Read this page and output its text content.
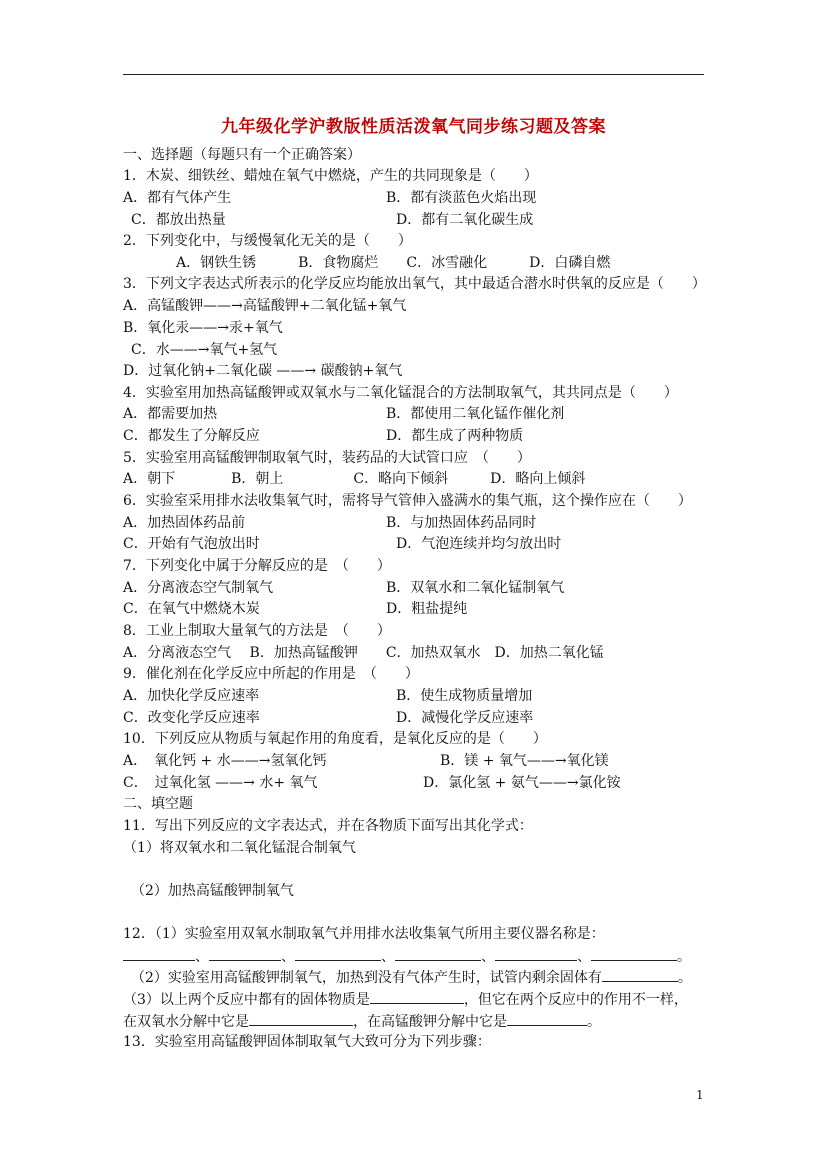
九年级化学沪教版性质活泼氧气同步练习题及答案
一、选择题（每题只有一个正确答案）
1．木炭、细铁丝、蜡烛在氧气中燃烧，产生的共同现象是（　　）
A．都有气体产生	B．都有淡蓝色火焰出现
C．都放出热量	D．都有二氧化碳生成
2．下列变化中，与缓慢氧化无关的是（　　）
A．钢铁生锈　　　B．食物腐烂　　C．冰雪融化　　　D．白磷自燃
3．下列文字表达式所表示的化学反应均能放出氧气，其中最适合潜水时供氧的反应是（　　）
A．高锰酸钾——→高锰酸钾+二氧化锰+氧气
B．氧化汞——→汞+氧气
C．水——→氧气+氢气
D．过氧化钠+二氧化碳 ——→ 碳酸钠+氧气
4．实验室用加热高锰酸钾或双氧水与二氧化锰混合的方法制取氧气，其共同点是（　　）
A．都需要加热	B．都使用二氧化锰作催化剂
C．都发生了分解反应	D．都生成了两种物质
5．实验室用高锰酸钾制取氧气时，装药品的大试管口应　（　　）
A．朝下　　　　B．朝上　　　　　C．略向下倾斜　　　D．略向上倾斜
6．实验室采用排水法收集氧气时，需将导气管伸入盛满水的集气瓶，这个操作应在（　　）
A．加热固体药品前	B．与加热固体药品同时
C．开始有气泡放出时	D．气泡连续并均匀放出时
7．下列变化中属于分解反应的是　（　　）
A．分离液态空气制氧气	B．双氧水和二氧化锰制氧气
C．在氧气中燃烧木炭	D．粗盐提纯
8．工业上制取大量氧气的方法是　（　　）
A．分离液态空气　 B．加热高锰酸钾　　C．加热双氧水　D．加热二氧化锰
9．催化剂在化学反应中所起的作用是　（　　）
A．加快化学反应速率	B．使生成物质量增加
C．改变化学反应速率	D．减慢化学反应速率
10．下列反应从物质与氧起作用的角度看，是氧化反应的是（　　）
A．　氧化钙 + 水——→氢氧化钙	B．镁 + 氧气——→氧化镁
C．　过氧化氢 ——→ 水+ 氧气	D．氯化氢 + 氨气——→氯化铵
二、填空题
11．写出下列反应的文字表达式，并在各物质下面写出其化学式：
（1）将双氧水和二氧化锰混合制氧气
（2）加热高锰酸钾制氧气
12．（1）实验室用双氧水制取氧气并用排水法收集氧气所用主要仪器名称是：
、	、	、	、	、	。
（2）实验室用高锰酸钾制氧气，加热到没有气体产生时，试管内剩余固体有	。
（3）以上两个反应中都有的固体物质是	，但它在两个反应中的作用不一样，
在双氧水分解中它是	，在高锰酸钾分解中它是	。
13．实验室用高锰酸钾固体制取氧气大致可分为下列步骤：
1
